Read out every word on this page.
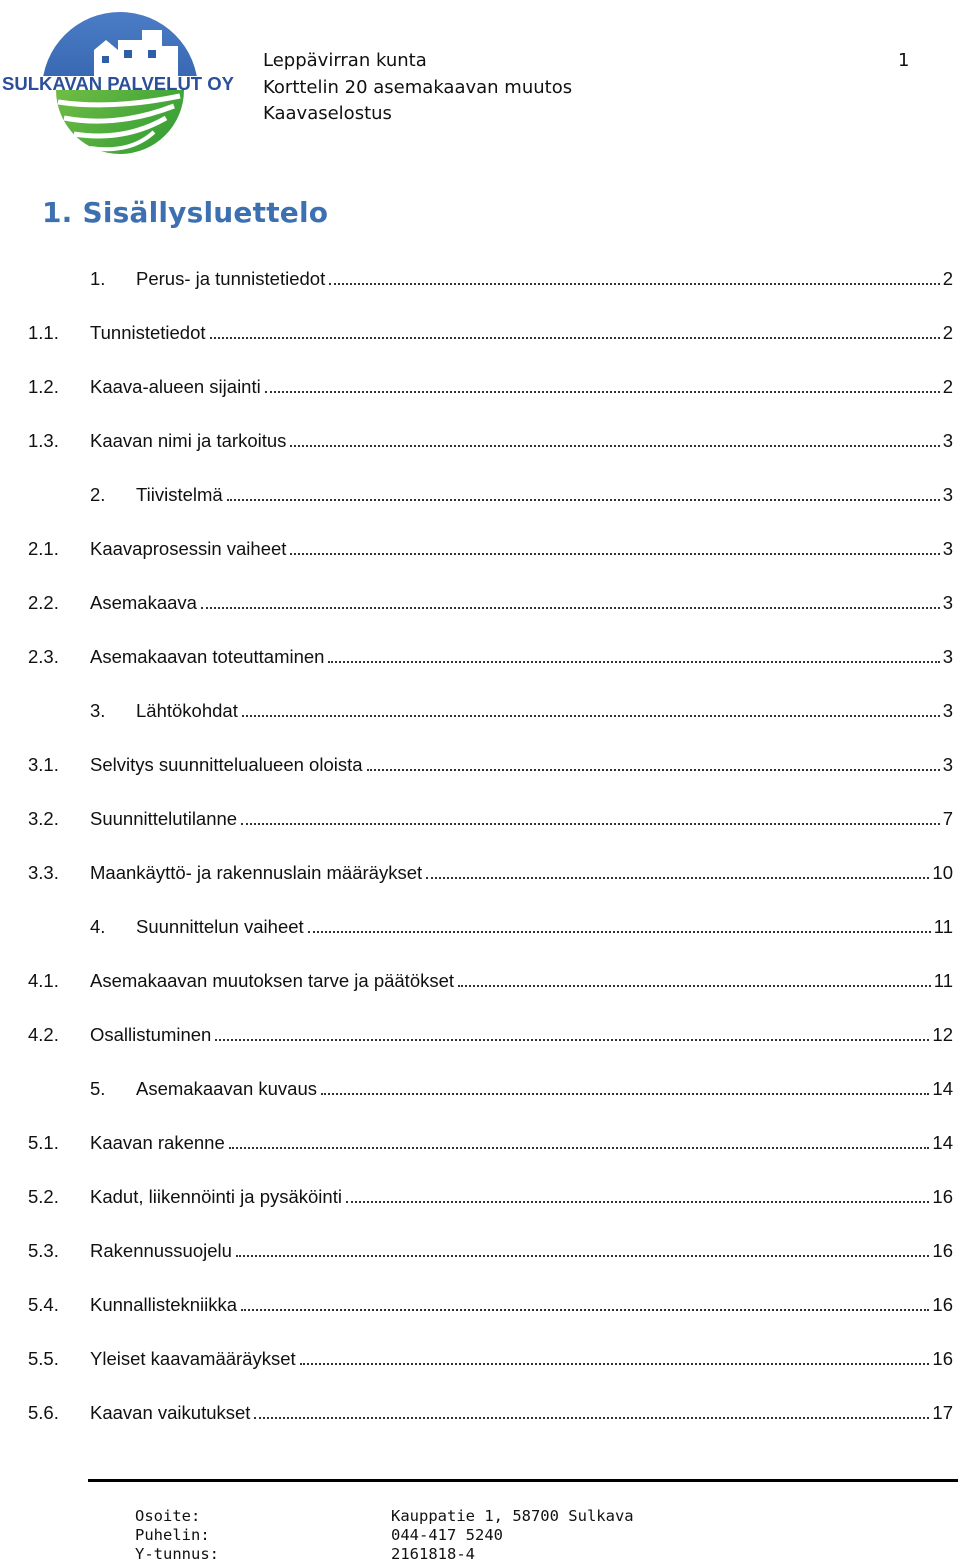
SULKAVAN PALVELUT OY
Leppävirran kunta
Korttelin 20 asemakaavan muutos
Kaavaselostus
1
1. Sisällysluettelo
1.	Perus- ja tunnistetiedot	2
1.1.	Tunnistetiedot	2
1.2.	Kaava-alueen sijainti	2
1.3.	Kaavan nimi ja tarkoitus	3
2.	Tiivistelmä	3
2.1.	Kaavaprosessin vaiheet	3
2.2.	Asemakaava	3
2.3.	Asemakaavan toteuttaminen	3
3.	Lähtökohdat	3
3.1.	Selvitys suunnittelualueen oloista	3
3.2.	Suunnittelutilanne	7
3.3.	Maankäyttö- ja rakennuslain määräykset	10
4.	Suunnittelun vaiheet	11
4.1.	Asemakaavan muutoksen tarve ja päätökset	11
4.2.	Osallistuminen	12
5.	Asemakaavan kuvaus	14
5.1.	Kaavan rakenne	14
5.2.	Kadut, liikennöinti ja pysäköinti	16
5.3.	Rakennussuojelu	16
5.4.	Kunnallistekniikka	16
5.5.	Yleiset kaavamääräykset	16
5.6.	Kaavan vaikutukset	17
Osoite:	Kauppatie 1, 58700 Sulkava
Puhelin:	044-417 5240
Y-tunnus:	2161818-4
